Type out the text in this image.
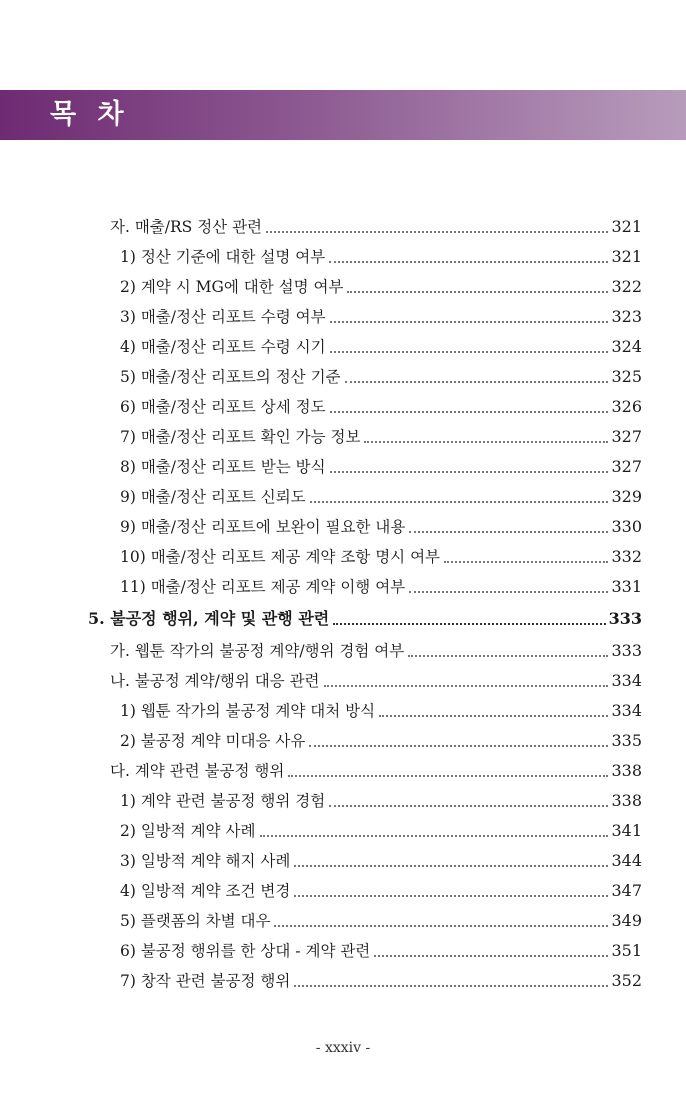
목 차
자. 매출/RS 정산 관련	321
1) 정산 기준에 대한 설명 여부	321
2) 계약 시 MG에 대한 설명 여부	322
3) 매출/정산 리포트 수령 여부	323
4) 매출/정산 리포트 수령 시기	324
5) 매출/정산 리포트의 정산 기준	325
6) 매출/정산 리포트 상세 정도	326
7) 매출/정산 리포트 확인 가능 정보	327
8) 매출/정산 리포트 받는 방식	327
9) 매출/정산 리포트 신뢰도	329
9) 매출/정산 리포트에 보완이 필요한 내용	330
10) 매출/정산 리포트 제공 계약 조항 명시 여부	332
11) 매출/정산 리포트 제공 계약 이행 여부	331
5. 불공정 행위, 계약 및 관행 관련	333
가. 웹툰 작가의 불공정 계약/행위 경험 여부	333
나. 불공정 계약/행위 대응 관련	334
1) 웹툰 작가의 불공정 계약 대처 방식	334
2) 불공정 계약 미대응 사유	335
다. 계약 관련 불공정 행위	338
1) 계약 관련 불공정 행위 경험	338
2) 일방적 계약 사례	341
3) 일방적 계약 해지 사례	344
4) 일방적 계약 조건 변경	347
5) 플랫폼의 차별 대우	349
6) 불공정 행위를 한 상대 - 계약 관련	351
7) 창작 관련 불공정 행위	352
- xxxiv -
